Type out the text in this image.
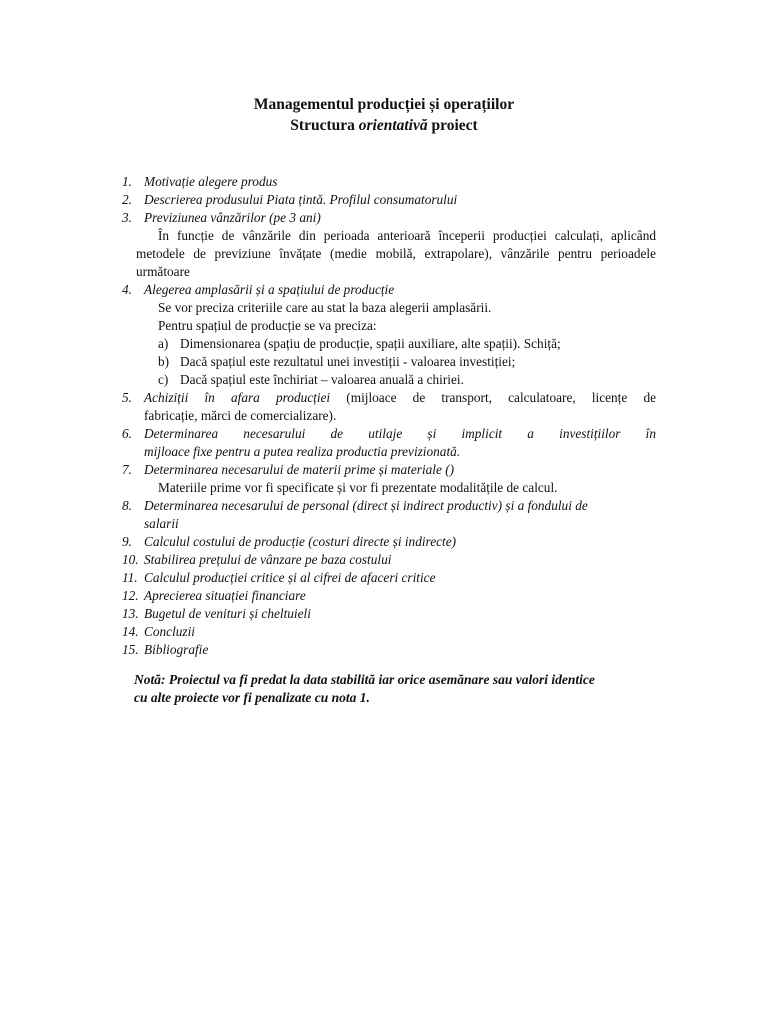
Managementul producției și operațiilor

Structura orientativă proiect

1. Motivație alegere produs
2. Descrierea produsului Piata țintă. Profilul consumatorului
3. Previziunea vânzărilor (pe 3 ani)
În funcție de vânzările din perioada anterioară începerii producției calculați, aplicând metodele de previziune învățate (medie mobilă, extrapolare), vânzările pentru perioadele următoare
4. Alegerea amplasării și a spațiului de producție
Se vor preciza criteriile care au stat la baza alegerii amplasării.
Pentru spațiul de producție se va preciza:
a) Dimensionarea (spațiu de producție, spații auxiliare, alte spații). Schiță;
b) Dacă spațiul este rezultatul unei investiții - valoarea investiției;
c) Dacă spațiul este închiriat – valoarea anuală a chiriei.
5. Achiziții în afara producției (mijloace de transport, calculatoare, licențe de
fabricație, mărci de comercializare).
6. Determinarea necesarului de utilaje și implicit a investițiilor în
mijloace fixe pentru a putea realiza productia previzionată.
7. Determinarea necesarului de materii prime și materiale ()
Materiile prime vor fi specificate și vor fi prezentate modalitățile de calcul.
8. Determinarea necesarului de personal (direct și indirect productiv) și a fondului de
salarii
9. Calculul costului de producție (costuri directe și indirecte)
10. Stabilirea prețului de vânzare pe baza costului
11. Calculul producției critice și al cifrei de afaceri critice
12. Aprecierea situației financiare
13. Bugetul de venituri și cheltuieli
14. Concluzii
15. Bibliografie
Notă: Proiectul va fi predat la data stabilită iar orice asemănare sau valori identice
cu alte proiecte vor fi penalizate cu nota 1.
